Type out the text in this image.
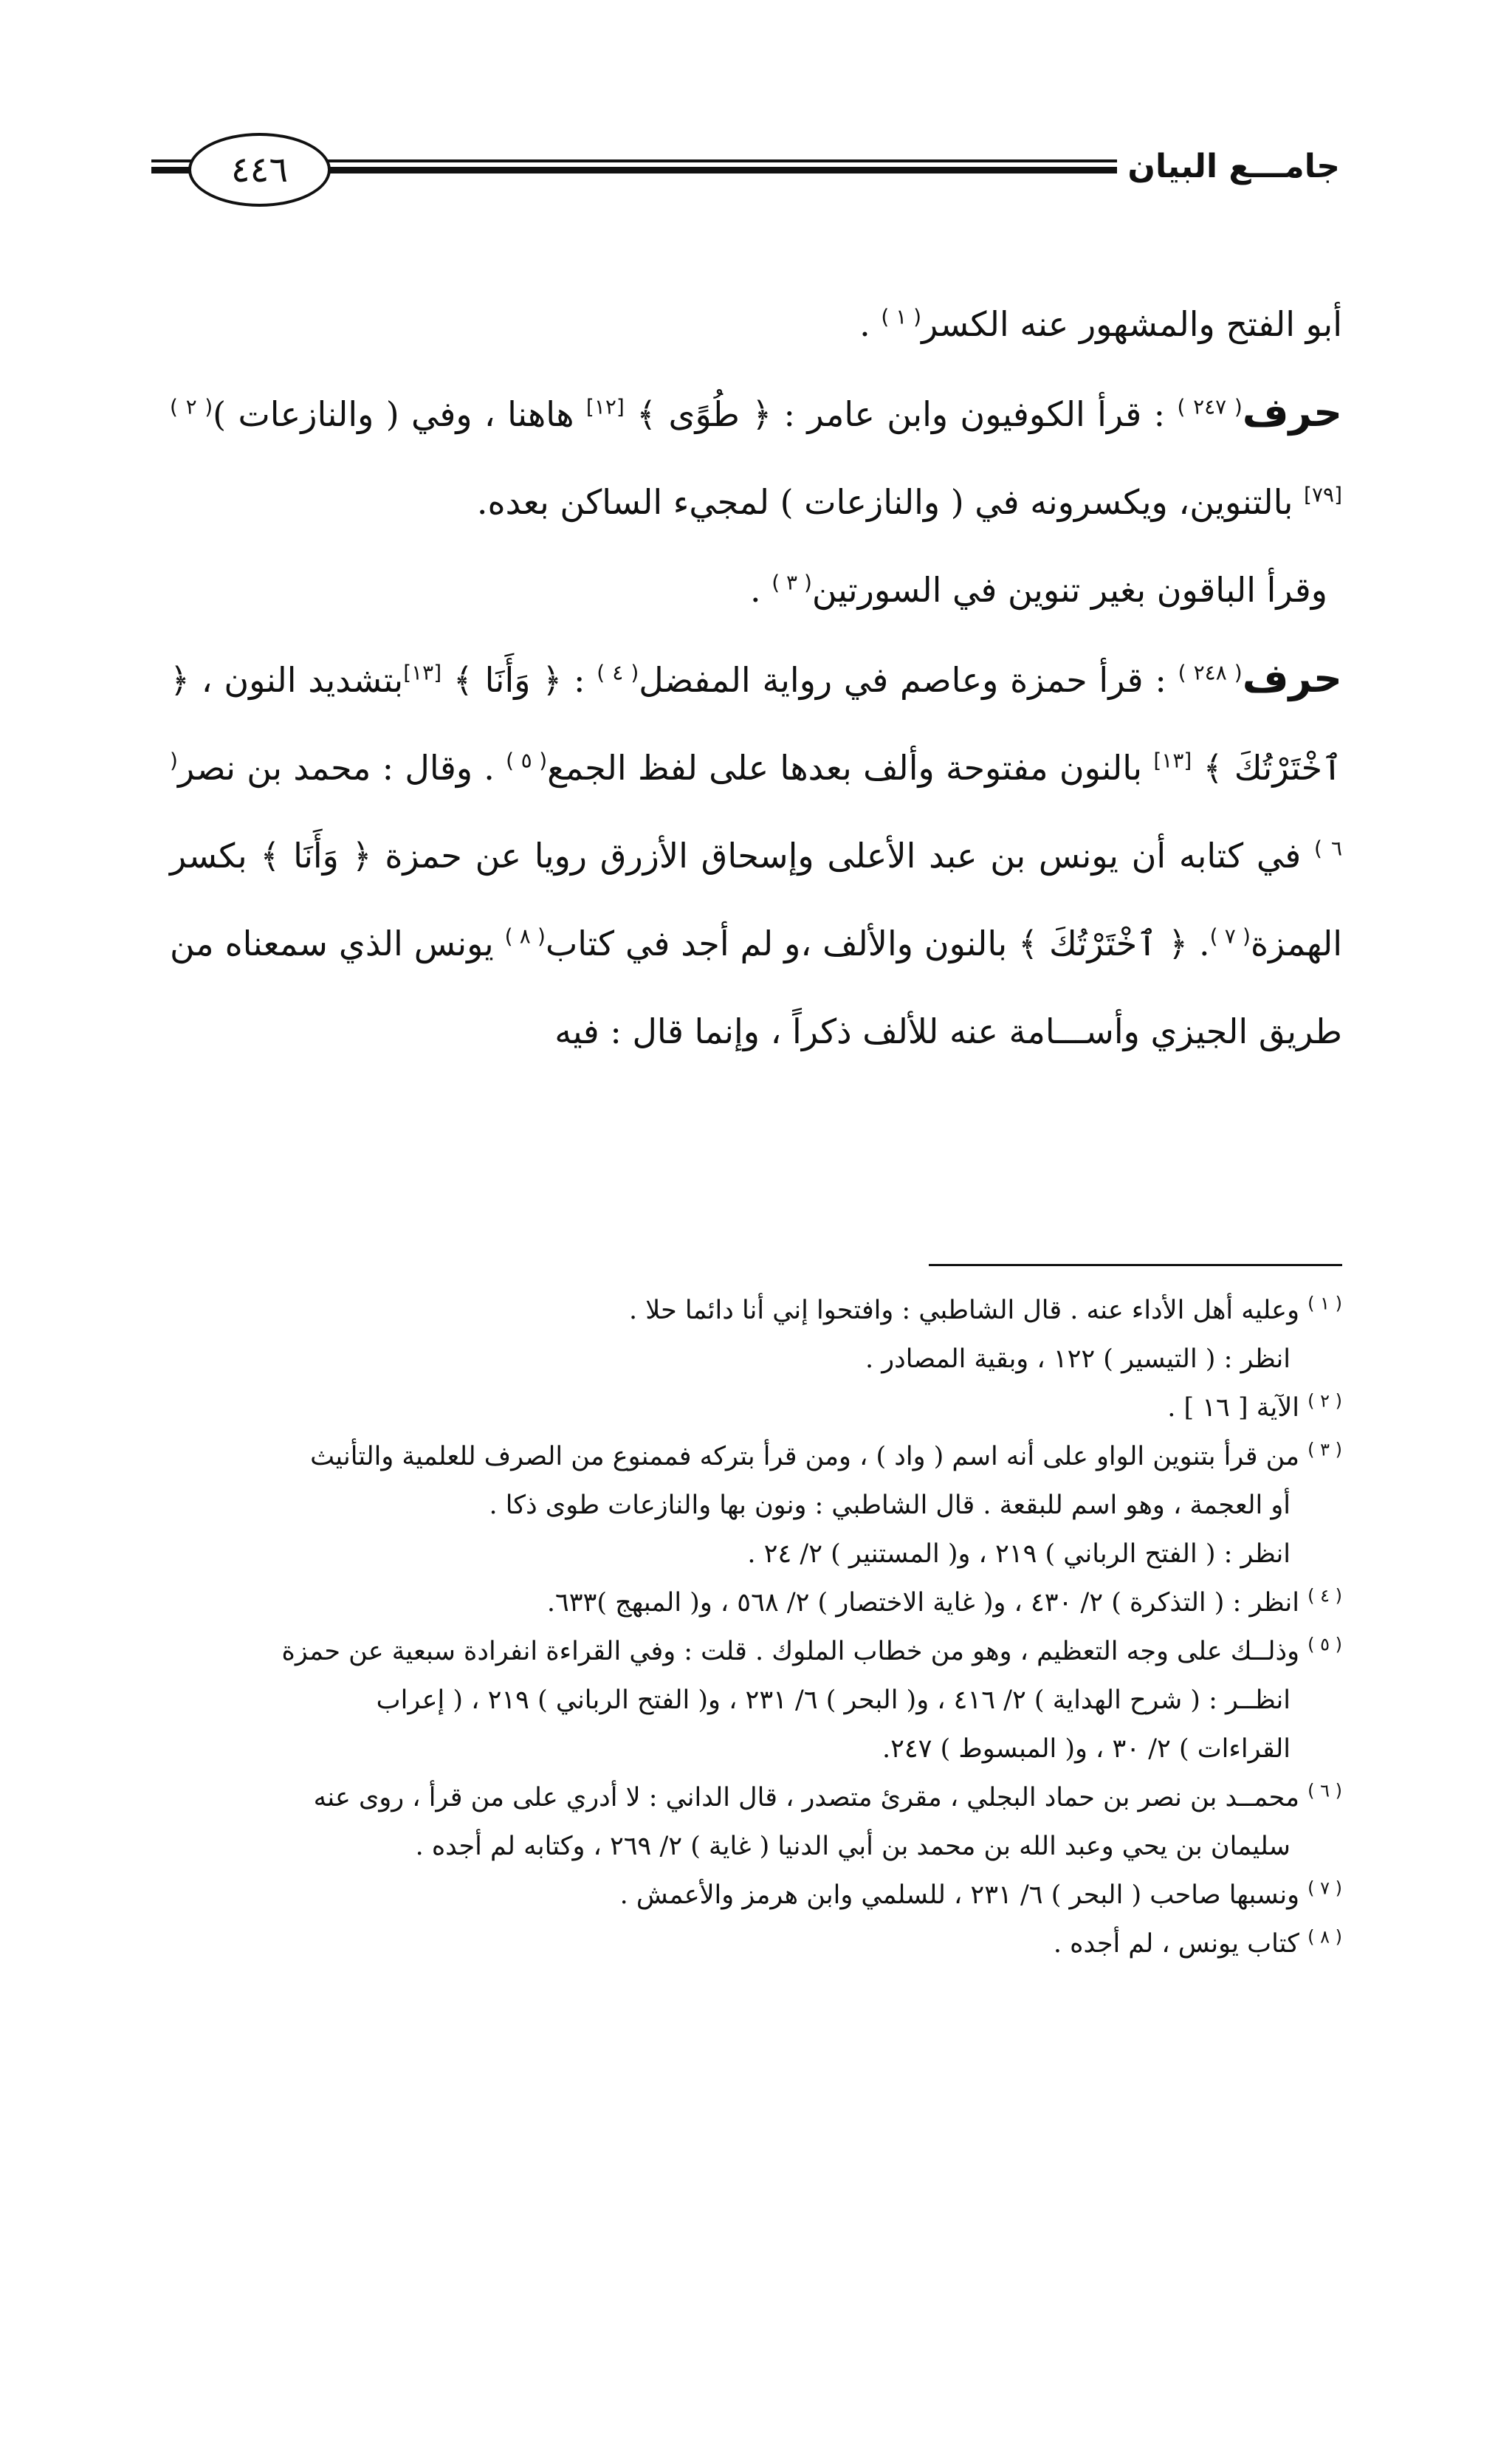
٤٤٦	جامـــع البيان

أبو الفتح والمشهور عنه الكسر$^{( ١ )}$ .

حرف$^{( ٢٤٧ )}$ : قرأ الكوفيون وابن عامر : ﴿ طُوًى ﴾ [١٢] هاهنا ، وفي ( والنازعات )$^{( ٢ )}$ [٧٩] بالتنوين، ويكسرونه في ( والنازعات ) لمجيء الساكن بعده.

وقرأ الباقون بغير تنوين في السورتين$^{( ٣ )}$ .

حرف$^{( ٢٤٨ )}$ : قرأ حمزة وعاصم في رواية المفضل$^{( ٤ )}$ : ﴿ وَأَنَا ﴾ [١٣]بتشديد النون ، ﴿ ٱخْتَرْتُكَ ﴾ [١٣] بالنون مفتوحة وألف بعدها على لفظ الجمع$^{( ٥ )}$ . وقال : محمد بن نصر$^{( ٦ )}$ في كتابه أن يونس بن عبد الأعلى وإسحاق الأزرق رويا عن حمزة ﴿ وَأَنَا ﴾ بكسر الهمزة$^{( ٧ )}$. ﴿ ٱخْتَرْتُكَ ﴾ بالنون والألف ،و لم أجد في كتاب$^{( ٨ )}$ يونس الذي سمعناه من طريق الجيزي وأســـامة عنه للألف ذكراً ، وإنما قال : فيه

$^{( ١ )}$ وعليه أهل الأداء عنه . قال الشاطبي : وافتحوا إني أنا دائما حلا .

انظر : ( التيسير ) ١٢٢ ، وبقية المصادر .

$^{( ٢ )}$ الآية [ ١٦ ] .

$^{( ٣ )}$ من قرأ بتنوين الواو على أنه اسم ( واد ) ، ومن قرأ بتركه فممنوع من الصرف للعلمية والتأنيث

أو العجمة ، وهو اسم للبقعة . قال الشاطبي : ونون بها والنازعات طوى ذكا .

انظر : ( الفتح الرباني ) ٢١٩ ، و( المستنير ) ٢/ ٢٤ .

$^{( ٤ )}$ انظر : ( التذكرة ) ٢/ ٤٣٠ ، و( غاية الاختصار ) ٢/ ٥٦٨ ، و( المبهج )٦٣٣.

$^{( ٥ )}$ وذلــك على وجه التعظيم ، وهو من خطاب الملوك . قلت : وفي القراءة انفرادة سبعية عن حمزة

انظــر : ( شرح الهداية ) ٢/ ٤١٦ ، و( البحر ) ٦/ ٢٣١ ، و( الفتح الرباني ) ٢١٩ ، ( إعراب

القراءات ) ٢/ ٣٠ ، و( المبسوط ) ٢٤٧.

$^{( ٦ )}$ محمــد بن نصر بن حماد البجلي ، مقرئ متصدر ، قال الداني : لا أدري على من قرأ ، روى عنه

سليمان بن يحي وعبد الله بن محمد بن أبي الدنيا ( غاية ) ٢/ ٢٦٩ ، وكتابه لم أجده .

$^{( ٧ )}$ ونسبها صاحب ( البحر ) ٦/ ٢٣١ ، للسلمي وابن هرمز والأعمش .

$^{( ٨ )}$ كتاب يونس ، لم أجده .
